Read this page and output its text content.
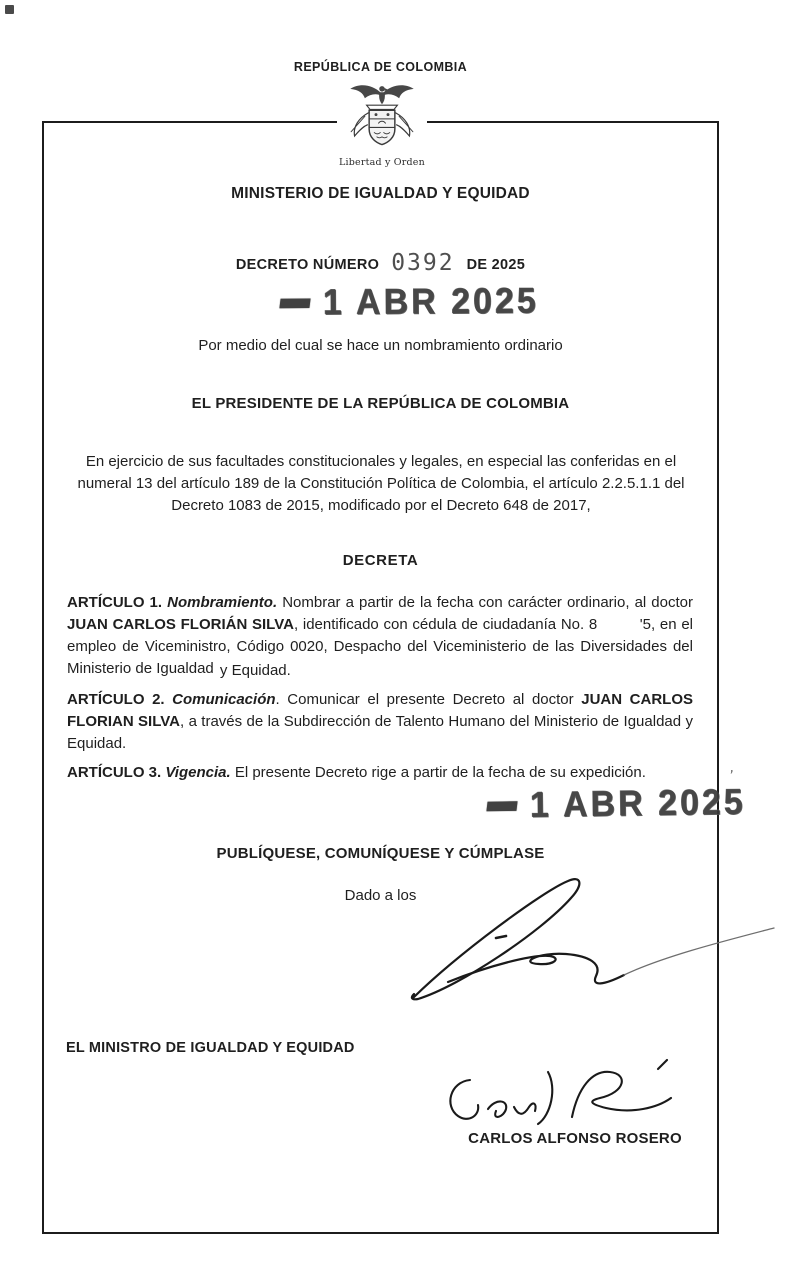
REPÚBLICA DE COLOMBIA
Libertad y Orden
MINISTERIO DE IGUALDAD Y EQUIDAD
DECRETO NÚMERO 0392 DE 2025
1 ABR 2025
Por medio del cual se hace un nombramiento ordinario
EL PRESIDENTE DE LA REPÚBLICA DE COLOMBIA
En ejercicio de sus facultades constitucionales y legales, en especial las conferidas en el numeral 13 del artículo 189 de la Constitución Política de Colombia, el artículo 2.2.5.1.1 del Decreto 1083 de 2015, modificado por el Decreto 648 de 2017,
DECRETA
ARTÍCULO 1. Nombramiento. Nombrar a partir de la fecha con carácter ordinario, al doctor JUAN CARLOS FLORIÁN SILVA, identificado con cédula de ciudadanía No. 8         '5, en el empleo de Viceministro, Código 0020, Despacho del Viceministerio de las Diversidades del Ministerio de Igualdad y Equidad.
ARTÍCULO 2. Comunicación. Comunicar el presente Decreto al doctor JUAN CARLOS FLORIAN SILVA, a través de la Subdirección de Talento Humano del Ministerio de Igualdad y Equidad.
ARTÍCULO 3. Vigencia. El presente Decreto rige a partir de la fecha de su expedición.
1 ABR 2025
ʼ
PUBLÍQUESE, COMUNÍQUESE Y CÚMPLASE
Dado a los
EL MINISTRO DE IGUALDAD Y EQUIDAD
CARLOS ALFONSO ROSERO
